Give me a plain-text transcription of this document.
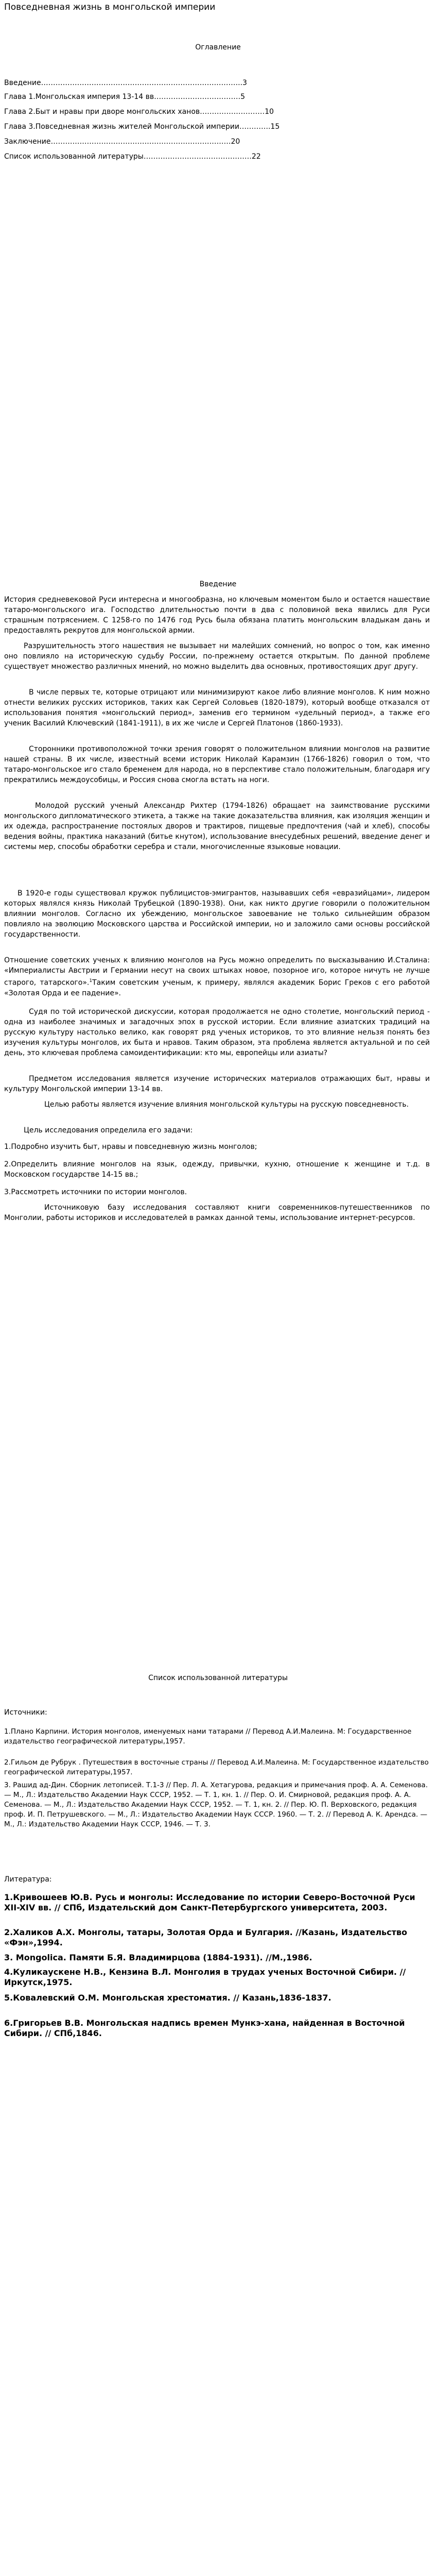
Повседневная жизнь в монгольской империи
Оглавление
Введение……………………………………………………………….………..3
Глава 1.Монгольская империя 13-14 вв………………………………5
Глава 2.Быт и нравы при дворе монгольских ханов………………………10
Глава 3.Повседневная жизнь жителей Монгольской империи………….15
Заключение…………………………………………………………………20
Список использованной литературы………………………………………22
Введение

История средневековой Руси интересна и многообразна, но ключевым моментом было и остается нашествие татаро-монгольского ига. Господство длительностью почти в два с половиной века явились для Руси страшным потрясением. С 1258-го по 1476 год Русь была обязана платить монгольским владыкам дань и предоставлять рекрутов для монгольской армии.

Разрушительность этого нашествия не вызывает ни малейших сомнений, но вопрос о том, как именно оно повлияло на историческую судьбу России, по-прежнему остается открытым. По данной проблеме существует множество различных мнений, но можно выделить два основных, противостоящих друг другу.

В числе первых те, которые отрицают или минимизируют какое либо влияние монголов. К ним можно отнести великих русских историков, таких как Сергей Соловьев (1820-1879), который вообще отказался от использования понятия «монгольский период», заменив его термином «удельный период», а также его ученик Василий Ключевский (1841-1911), в их же числе и Сергей Платонов (1860-1933).

Сторонники противоположной точки зрения говорят о положительном влиянии монголов на развитие нашей страны. В их числе, известный всеми историк Николай Карамзин (1766-1826) говорил о том, что татаро-монгольское иго стало бременем для народа, но в перспективе стало положительным, благодаря игу прекратились междоусобицы, и Россия снова смогла встать на ноги.

Молодой русский ученый Александр Рихтер (1794-1826) обращает на заимствование русскими монгольского дипломатического этикета, а также на такие доказательства влияния, как изоляция женщин и их одежда, распространение постоялых дворов и трактиров, пищевые предпочтения (чай и хлеб), способы ведения войны, практика наказаний (битье кнутом), использование внесудебных решений, введение денег и системы мер, способы обработки серебра и стали, многочисленные языковые новации.

В 1920-е годы существовал кружок публицистов-эмигрантов, называвших себя «евразийцами», лидером которых являлся князь Николай Трубецкой (1890-1938). Они, как никто другие говорили о положительном влиянии монголов. Согласно их убеждению, монгольское завоевание не только сильнейшим образом повлияло на эволюцию Московского царства и Российской империи, но и заложило сами основы российской государственности.

Отношение советских ученых к влиянию монголов на Русь можно определить по высказыванию И.Сталина: «Империалисты Австрии и Германии несут на своих штыках новое, позорное иго, которое ничуть не лучше старого, татарского».$^1$Таким советским ученым, к примеру, являлся академик Борис Греков с его работой «Золотая Орда и ее падение».

Судя по той исторической дискуссии, которая продолжается не одно столетие, монгольский период - одна из наиболее значимых и загадочных эпох в русской истории. Если влияние азиатских традиций на русскую культуру настолько велико, как говорят ряд ученых историков, то это влияние нельзя понять без изучения культуры монголов, их быта и нравов. Таким образом, эта проблема является актуальной и по сей день, это ключевая проблема самоидентификации: кто мы, европейцы или азиаты?

Предметом исследования является изучение исторических материалов отражающих быт, нравы и культуру Монгольской империи 13-14 вв.

Целью работы является изучение влияния монгольской культуры на русскую повседневность.

Цель исследования определила его задачи:

1.Подробно изучить быт, нравы и повседневную жизнь монголов;

2.Определить влияние монголов на язык, одежду, привычки, кухню, отношение к женщине и т.д. в Московском государстве 14-15 вв.;

3.Рассмотреть источники по истории монголов.

Источниковую базу исследования составляют книги современников-путешественников по Монголии, работы историков и исследователей в рамках данной темы, использование интернет-ресурсов.

Список использованной литературы

Источники:

1.Плано Карпини. История монголов, именуемых нами татарами // Перевод А.И.Малеина. М: Государственное издательство географической литературы,1957.

2.Гильом де Рубрук . Путешествия в восточные страны // Перевод А.И.Малеина. М: Государственное издательство географической литературы,1957.

3. Рашид ад-Дин. Сборник летописей. Т.1-3 // Пер. Л. А. Хетагурова, редакция и примечания проф. А. А. Семенова. — М., Л.: Издательство Академии Наук СССР, 1952. — Т. 1, кн. 1. // Пер. О. И. Смирновой, редакция проф. А. А. Семенова. — М., Л.: Издательство Академии Наук СССР, 1952. — Т. 1, кн. 2. // Пер. Ю. П. Верховского, редакция проф. И. П. Петрушевского. — М., Л.: Издательство Академии Наук СССР. 1960. — Т. 2. // Перевод А. К. Арендса. — М., Л.: Издательство Академии Наук СССР, 1946. — Т. 3.

Литература:

1.Кривошеев Ю.В. Русь и монголы: Исследование по истории Северо-Восточной Руси XII-XIV вв. // СПб, Издательский дом Санкт-Петербургского университета, 2003.

2.Халиков А.Х. Монголы, татары, Золотая Орда и Булгария. //Казань, Издательство «Фэн»,1994.

3. Mongolica. Памяти Б.Я. Владимирцова (1884-1931). //М.,1986.

4.Куликаускене Н.В., Кензина В.Л. Монголия в трудах ученых Восточной Сибири. // Иркутск,1975.

5.Ковалевский О.М. Монгольская хрестоматия. // Казань,1836-1837.

6.Григорьев В.В. Монгольская надпись времен Мункэ-хана, найденная в Восточной Сибири. // СПб,1846.
